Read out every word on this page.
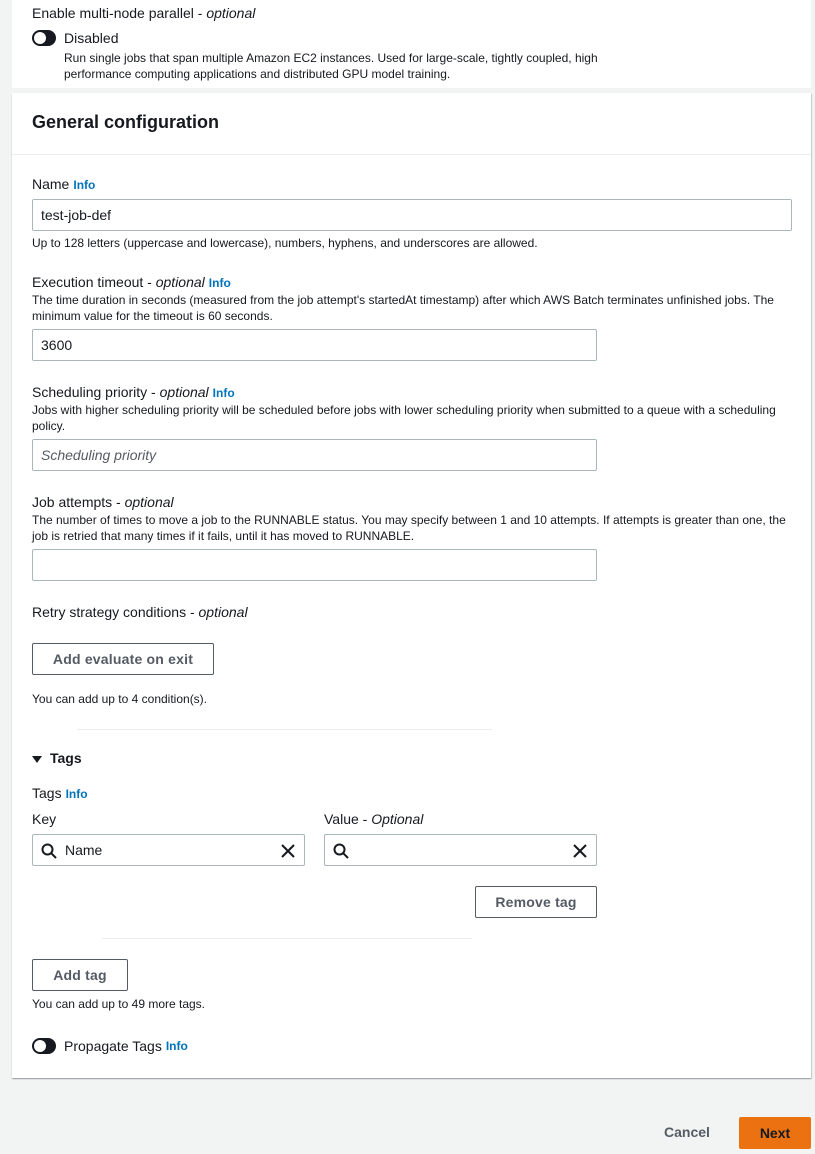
Enable multi-node parallel - optional
Disabled
Run single jobs that span multiple Amazon EC2 instances. Used for large-scale, tightly coupled, high performance computing applications and distributed GPU model training.
General configuration
Name Info
test-job-def
Up to 128 letters (uppercase and lowercase), numbers, hyphens, and underscores are allowed.
Execution timeout - optional Info
The time duration in seconds (measured from the job attempt's startedAt timestamp) after which AWS Batch terminates unfinished jobs. The minimum value for the timeout is 60 seconds.
3600
Scheduling priority - optional Info
Jobs with higher scheduling priority will be scheduled before jobs with lower scheduling priority when submitted to a queue with a scheduling policy.
Scheduling priority
Job attempts - optional
The number of times to move a job to the RUNNABLE status. You may specify between 1 and 10 attempts. If attempts is greater than one, the job is retried that many times if it fails, until it has moved to RUNNABLE.
Retry strategy conditions - optional
Add evaluate on exit
You can add up to 4 condition(s).
Tags
Tags Info
Key	Value - Optional
Name
Remove tag
Add tag
You can add up to 49 more tags.
Propagate Tags Info
Cancel	Next
